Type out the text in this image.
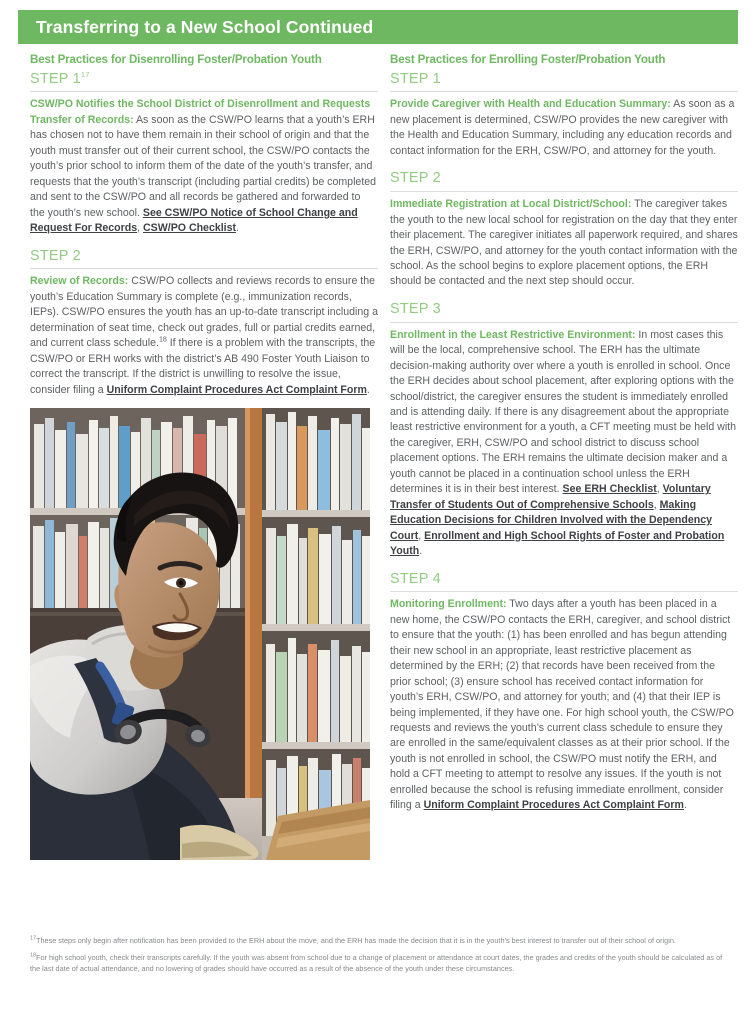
Transferring to a New School Continued
Best Practices for Disenrolling Foster/Probation Youth
STEP 1$^{17}$

CSW/PO Notifies the School District of Disenrollment and Requests Transfer of Records: As soon as the CSW/PO learns that a youth’s ERH has chosen not to have them remain in their school of origin and that the youth must transfer out of their current school, the CSW/PO contacts the youth’s prior school to inform them of the date of the youth’s transfer, and requests that the youth’s transcript (including partial credits) be completed and sent to the CSW/PO and all records be gathered and forwarded to the youth’s new school. See CSW/PO Notice of School Change and Request For Records, CSW/PO Checklist.

STEP 2

Review of Records: CSW/PO collects and reviews records to ensure the youth’s Education Summary is complete (e.g., immunization records, IEPs). CSW/PO ensures the youth has an up-to-date transcript including a determination of seat time, check out grades, full or partial credits earned, and current class schedule.$^{18}$ If there is a problem with the transcripts, the CSW/PO or ERH works with the district’s AB 490 Foster Youth Liaison to correct the transcript. If the district is unwilling to resolve the issue, consider filing a Uniform Complaint Procedures Act Complaint Form.

Best Practices for Enrolling Foster/Probation Youth
STEP 1

Provide Caregiver with Health and Education Summary: As soon as a new placement is determined, CSW/PO provides the new caregiver with the Health and Education Summary, including any education records and contact information for the ERH, CSW/PO, and attorney for the youth.

STEP 2

Immediate Registration at Local District/School: The caregiver takes the youth to the new local school for registration on the day that they enter their placement. The caregiver initiates all paperwork required, and shares the ERH, CSW/PO, and attorney for the youth contact information with the school. As the school begins to explore placement options, the ERH should be contacted and the next step should occur.

STEP 3

Enrollment in the Least Restrictive Environment: In most cases this will be the local, comprehensive school. The ERH has the ultimate decision-making authority over where a youth is enrolled in school. Once the ERH decides about school placement, after exploring options with the school/district, the caregiver ensures the student is immediately enrolled and is attending daily. If there is any disagreement about the appropriate least restrictive environment for a youth, a CFT meeting must be held with the caregiver, ERH, CSW/PO and school district to discuss school placement options. The ERH remains the ultimate decision maker and a youth cannot be placed in a continuation school unless the ERH determines it is in their best interest. See ERH Checklist, Voluntary Transfer of Students Out of Comprehensive Schools, Making Education Decisions for Children Involved with the Dependency Court, Enrollment and High School Rights of Foster and Probation Youth.

STEP 4

Monitoring Enrollment: Two days after a youth has been placed in a new home, the CSW/PO contacts the ERH, caregiver, and school district to ensure that the youth: (1) has been enrolled and has begun attending their new school in an appropriate, least restrictive placement as determined by the ERH; (2) that records have been received from the prior school; (3) ensure school has received contact information for youth’s ERH, CSW/PO, and attorney for youth; and (4) that their IEP is being implemented, if they have one. For high school youth, the CSW/PO requests and reviews the youth’s current class schedule to ensure they are enrolled in the same/equivalent classes as at their prior school. If the youth is not enrolled in school, the CSW/PO must notify the ERH, and hold a CFT meeting to attempt to resolve any issues. If the youth is not enrolled because the school is refusing immediate enrollment, consider filing a Uniform Complaint Procedures Act Complaint Form.

$^{17}$These steps only begin after notification has been provided to the ERH about the move, and the ERH has made the decision that it is in the youth’s best interest to transfer out of their school of origin.

$^{18}$For high school youth, check their transcripts carefully. If the youth was absent from school due to a change of placement or attendance at court dates, the grades and credits of the youth should be calculated as of the last date of actual attendance, and no lowering of grades should have occurred as a result of the absence of the youth under these circumstances.
